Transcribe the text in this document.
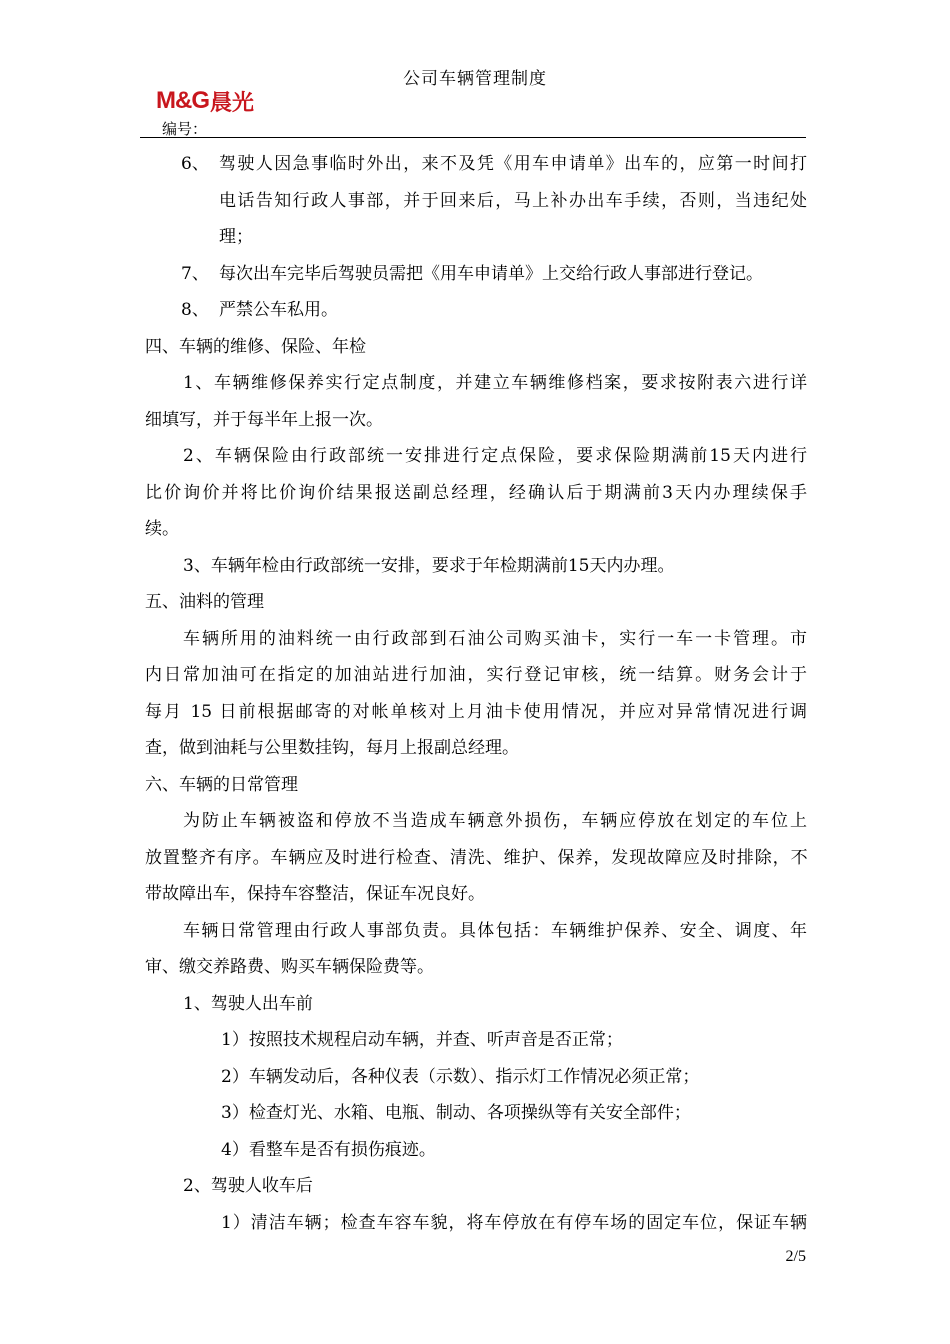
公司车辆管理制度
M&G 晨光
编号：
6、 驾驶人因急事临时外出，来不及凭《用车申请单》出车的，应第一时间打
电话告知行政人事部，并于回来后，马上补办出车手续，否则，当违纪处
理；
7、 每次出车完毕后驾驶员需把《用车申请单》上交给行政人事部进行登记。
8、 严禁公车私用。
四、车辆的维修、保险、年检
1、车辆维修保养实行定点制度，并建立车辆维修档案，要求按附表六进行详
细填写，并于每半年上报一次。
2、车辆保险由行政部统一安排进行定点保险，要求保险期满前15天内进行
比价询价并将比价询价结果报送副总经理，经确认后于期满前3天内办理续保手
续。
3、车辆年检由行政部统一安排，要求于年检期满前15天内办理。
五、油料的管理
车辆所用的油料统一由行政部到石油公司购买油卡，实行一车一卡管理。市
内日常加油可在指定的加油站进行加油，实行登记审核，统一结算。财务会计于
每月 15 日前根据邮寄的对帐单核对上月油卡使用情况，并应对异常情况进行调
查，做到油耗与公里数挂钩，每月上报副总经理。
六、车辆的日常管理
为防止车辆被盗和停放不当造成车辆意外损伤，车辆应停放在划定的车位上
放置整齐有序。车辆应及时进行检查、清洗、维护、保养，发现故障应及时排除，不
带故障出车，保持车容整洁，保证车况良好。
车辆日常管理由行政人事部负责。具体包括：车辆维护保养、安全、调度、年
审、缴交养路费、购买车辆保险费等。
1、驾驶人出车前
1）按照技术规程启动车辆，并查、听声音是否正常；
2）车辆发动后，各种仪表（示数）、指示灯工作情况必须正常；
3）检查灯光、水箱、电瓶、制动、各项操纵等有关安全部件；
4）看整车是否有损伤痕迹。
2、驾驶人收车后
1）清洁车辆；检查车容车貌，将车停放在有停车场的固定车位，保证车辆
2/5
